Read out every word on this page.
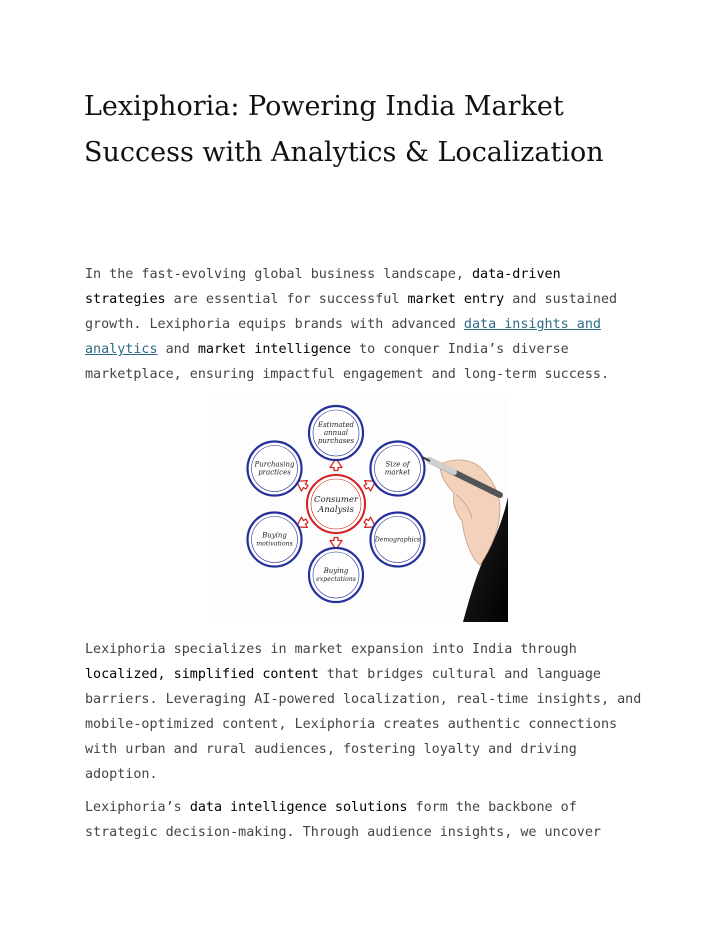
Lexiphoria: Powering India Market Success with Analytics & Localization

In the fast-evolving global business landscape, data-driven strategies are essential for successful market entry and sustained growth. Lexiphoria equips brands with advanced data insights and analytics and market intelligence to conquer India’s diverse marketplace, ensuring impactful engagement and long-term success.

Consumer
Analysis
Estimated
annual
purchases
Size of
market
Demographics
Buying
expectations
Buying
motivations
Purchasing
practices

Lexiphoria specializes in market expansion into India through localized, simplified content that bridges cultural and language barriers. Leveraging AI-powered localization, real-time insights, and mobile-optimized content, Lexiphoria creates authentic connections with urban and rural audiences, fostering loyalty and driving adoption.

Lexiphoria’s data intelligence solutions form the backbone of strategic decision-making. Through audience insights, we uncover
